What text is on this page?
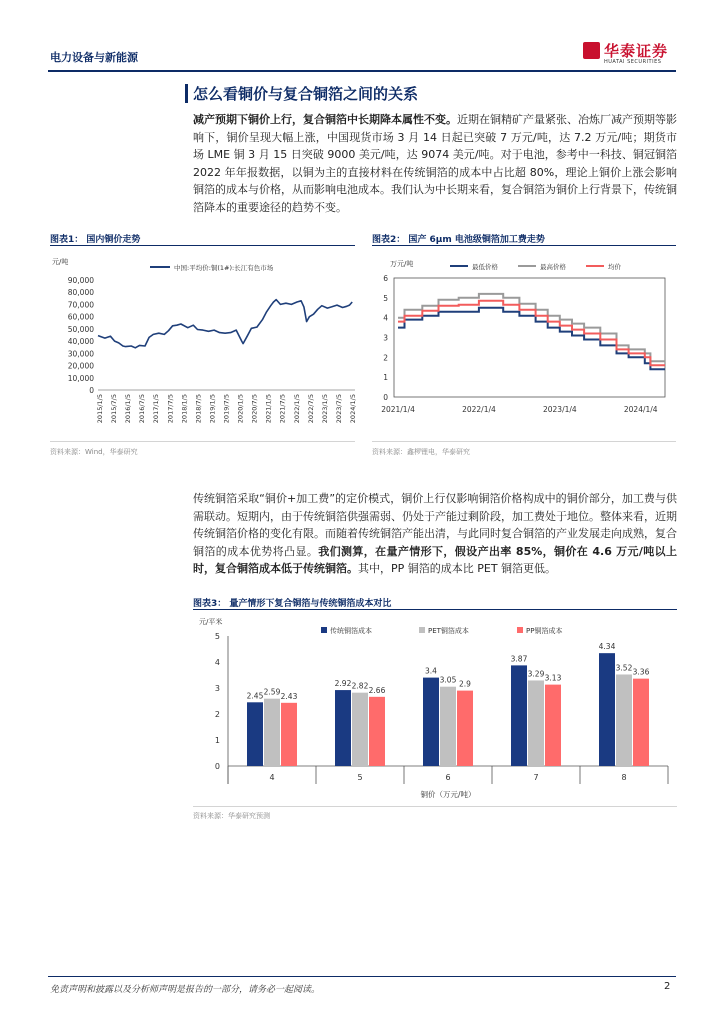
电力设备与新能源	华泰证券
HUATAI SECURITIES
怎么看铜价与复合铜箔之间的关系
减产预期下铜价上行，复合铜箔中长期降本属性不变。近期在铜精矿产量紧张、冶炼厂减产预期等影响下，铜价呈现大幅上涨，中国现货市场 3 月 14 日起已突破 7 万元/吨，达 7.2 万元/吨；期货市场 LME 铜 3 月 15 日突破 9000 美元/吨，达 9074 美元/吨。对于电池，参考中一科技、铜冠铜箔 2022 年年报数据，以铜为主的直接材料在传统铜箔的成本中占比超 80%，理论上铜价上涨会影响铜箔的成本与价格，从而影响电池成本。我们认为中长期来看，复合铜箔为铜价上行背景下，传统铜箔降本的重要途径的趋势不变。
图表1： 国内铜价走势
元/吨
90,000
80,000
70,000
60,000
50,000
40,000
30,000
20,000
10,000
0
2015/1/5 2015/7/5 2016/1/5 2016/7/5 2017/1/5 2017/7/5 2018/1/5 2018/7/5 2019/1/5 2019/7/5 2020/1/5 2020/7/5 2021/1/5 2021/7/5 2022/1/5 2022/7/5 2023/1/5 2023/7/5 2024/1/5
中国:平均价:铜(1#):长江有色市场
资料来源：Wind，华泰研究
图表2： 国产 6μm 电池级铜箔加工费走势
万元/吨
6
5
4
3
2
1
0
2021/1/4	2022/1/4	2023/1/4	2024/1/4
最低价格	最高价格	均价
资料来源：鑫椤锂电，华泰研究
传统铜箔采取“铜价+加工费”的定价模式，铜价上行仅影响铜箔价格构成中的铜价部分，加工费与供需联动。短期内，由于传统铜箔供强需弱、仍处于产能过剩阶段，加工费处于地位。整体来看，近期传统铜箔价格的变化有限。而随着传统铜箔产能出清，与此同时复合铜箔的产业发展走向成熟，复合铜箔的成本优势将凸显。我们测算，在量产情形下，假设产出率 85%，铜价在 4.6 万元/吨以上时，复合铜箔成本低于传统铜箔。其中，PP 铜箔的成本比 PET 铜箔更低。
图表3： 量产情形下复合铜箔与传统铜箔成本对比
元/平米
5
4
3
2
1
0
4
2.45 2.59 2.43
5
2.92 2.82 2.66
6
3.4
3.05 2.9
7
3.87
3.29 3.13
8
4.34
3.52 3.36
铜价（万元/吨）
传统铜箔成本	PET铜箔成本	PP铜箔成本
资料来源：华泰研究预测
免责声明和披露以及分析师声明是报告的一部分，请务必一起阅读。	2
